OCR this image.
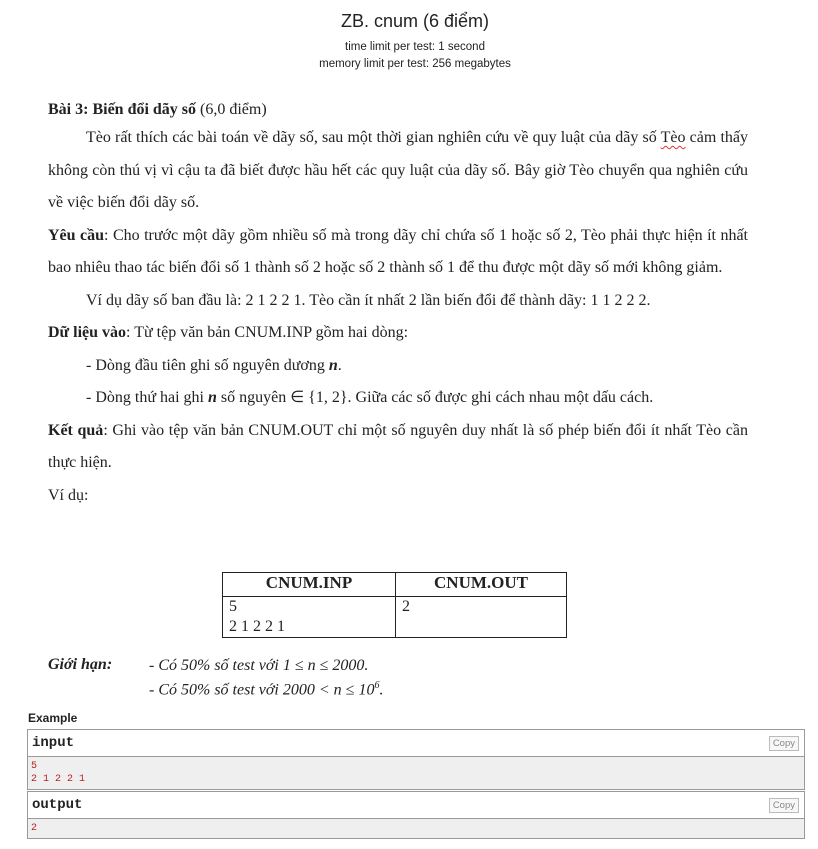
ZB. cnum (6 điểm)
time limit per test: 1 second
memory limit per test: 256 megabytes

Bài 3: Biến đổi dãy số (6,0 điểm)

Tèo rất thích các bài toán về dãy số, sau một thời gian nghiên cứu về quy luật của dãy số Tèo cảm thấy không còn thú vị vì cậu ta đã biết được hầu hết các quy luật của dãy số. Bây giờ Tèo chuyển qua nghiên cứu về việc biến đổi dãy số.

Yêu cầu: Cho trước một dãy gồm nhiều số mà trong dãy chỉ chứa số 1 hoặc số 2, Tèo phải thực hiện ít nhất bao nhiêu thao tác biến đổi số 1 thành số 2 hoặc số 2 thành số 1 để thu được một dãy số mới không giảm.

Ví dụ dãy số ban đầu là: 2 1 2 2 1. Tèo cần ít nhất 2 lần biến đổi để thành dãy: 1 1 2 2 2.

Dữ liệu vào: Từ tệp văn bản CNUM.INP gồm hai dòng:

- Dòng đầu tiên ghi số nguyên dương n.

- Dòng thứ hai ghi n số nguyên ∈ {1, 2}. Giữa các số được ghi cách nhau một dấu cách.

Kết quả: Ghi vào tệp văn bản CNUM.OUT chỉ một số nguyên duy nhất là số phép biến đổi ít nhất Tèo cần thực hiện.

Ví dụ:

CNUM.INP	CNUM.OUT

5
2 1 2 2 1	2
Giới hạn:	- Có 50% số test với 1 ≤ n ≤ 2000.
- Có 50% số test với $2000 < n \le 10^6$.
Example
input	Copy
5
2 1 2 2 1
output	Copy
2
